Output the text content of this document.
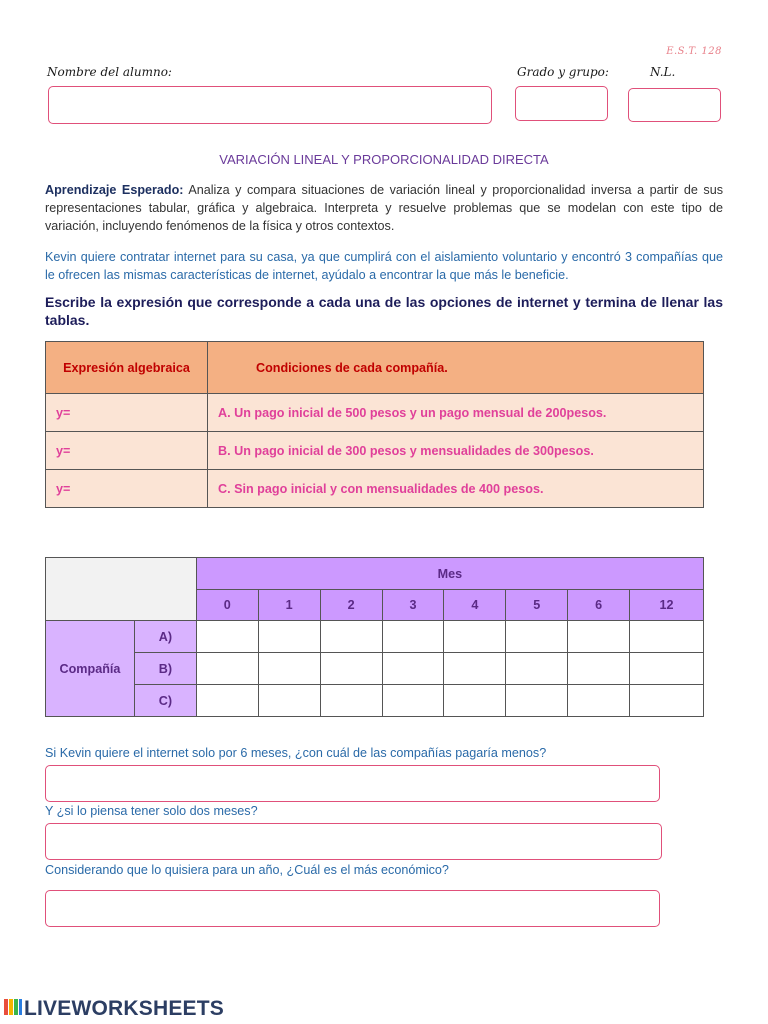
E.S.T. 128
Nombre del alumno:	Grado y grupo:	N.L.
VARIACIÓN LINEAL Y PROPORCIONALIDAD DIRECTA
Aprendizaje Esperado: Analiza y compara situaciones de variación lineal y proporcionalidad inversa a partir de sus representaciones tabular, gráfica y algebraica. Interpreta y resuelve problemas que se modelan con este tipo de variación, incluyendo fenómenos de la física y otros contextos.
Kevin quiere contratar internet para su casa, ya que cumplirá con el aislamiento voluntario y encontró 3 compañías que le ofrecen las mismas características de internet, ayúdalo a encontrar la que más le beneficie.
Escribe la expresión que corresponde a cada una de las opciones de internet y termina de llenar las tablas.
Expresión algebraica	Condiciones de cada compañía.
y=	A. Un pago inicial de 500 pesos y un pago mensual de 200pesos.
y=	B. Un pago inicial de 300 pesos y mensualidades de 300pesos.
y=	C. Sin pago inicial y con mensualidades de 400 pesos.
		Mes							
		0	1	2	3	4	5	6	12
Compañía	A)								
	B)								
	C)								
Si Kevin quiere el internet solo por 6 meses, ¿con cuál de las compañías pagaría menos?
Y ¿si lo piensa tener solo dos meses?
Considerando que lo quisiera para un año, ¿Cuál es el más económico?
LIVEWORKSHEETS
